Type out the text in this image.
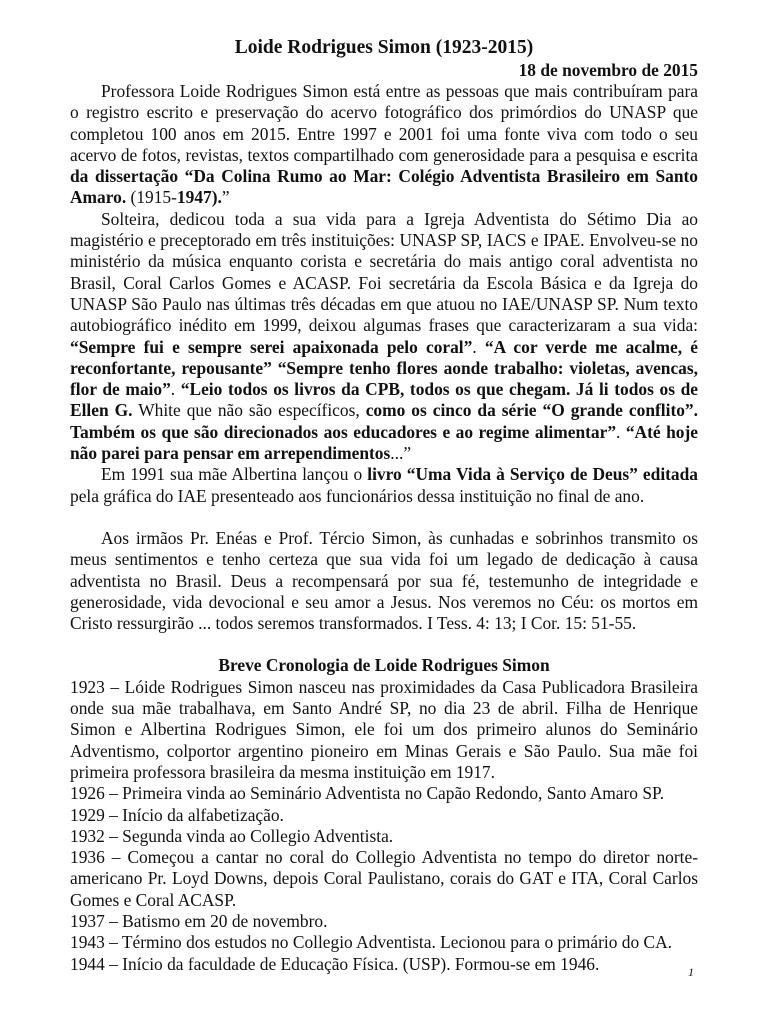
Loide Rodrigues Simon (1923-2015)
18 de novembro de 2015

Professora Loide Rodrigues Simon está entre as pessoas que mais contribuíram para o registro escrito e preservação do acervo fotográfico dos primórdios do UNASP que completou 100 anos em 2015. Entre 1997 e 2001 foi uma fonte viva com todo o seu acervo de fotos, revistas, textos compartilhado com generosidade para a pesquisa e escrita da dissertação “Da Colina Rumo ao Mar: Colégio Adventista Brasileiro em Santo Amaro. (1915-1947).”

Solteira, dedicou toda a sua vida para a Igreja Adventista do Sétimo Dia ao magistério e preceptorado em três instituições: UNASP SP, IACS e IPAE. Envolveu-se no ministério da música enquanto corista e secretária do mais antigo coral adventista no Brasil, Coral Carlos Gomes e ACASP. Foi secretária da Escola Básica e da Igreja do UNASP São Paulo nas últimas três décadas em que atuou no IAE/UNASP SP. Num texto autobiográfico inédito em 1999, deixou algumas frases que caracterizaram a sua vida: “Sempre fui e sempre serei apaixonada pelo coral”. “A cor verde me acalme, é reconfortante, repousante” “Sempre tenho flores aonde trabalho: violetas, avencas, flor de maio”. “Leio todos os livros da CPB, todos os que chegam. Já li todos os de Ellen G. White que não são específicos, como os cinco da série “O grande conflito”. Também os que são direcionados aos educadores e ao regime alimentar”. “Até hoje não parei para pensar em arrependimentos...”

Em 1991 sua mãe Albertina lançou o livro “Uma Vida à Serviço de Deus” editada pela gráfica do IAE presenteado aos funcionários dessa instituição no final de ano.

Aos irmãos Pr. Enéas e Prof. Tércio Simon, às cunhadas e sobrinhos transmito os meus sentimentos e tenho certeza que sua vida foi um legado de dedicação à causa adventista no Brasil. Deus a recompensará por sua fé, testemunho de integridade e generosidade, vida devocional e seu amor a Jesus. Nos veremos no Céu: os mortos em Cristo ressurgirão ... todos seremos transformados. I Tess. 4: 13; I Cor. 15: 51-55.

Breve Cronologia de Loide Rodrigues Simon

1923 – Lóide Rodrigues Simon nasceu nas proximidades da Casa Publicadora Brasileira onde sua mãe trabalhava, em Santo André SP, no dia 23 de abril. Filha de Henrique Simon e Albertina Rodrigues Simon, ele foi um dos primeiro alunos do Seminário Adventismo, colportor argentino pioneiro em Minas Gerais e São Paulo. Sua mãe foi primeira professora brasileira da mesma instituição em 1917.

1926 – Primeira vinda ao Seminário Adventista no Capão Redondo, Santo Amaro SP.

1929 – Início da alfabetização.

1932 – Segunda vinda ao Collegio Adventista.

1936 – Começou a cantar no coral do Collegio Adventista no tempo do diretor norte-americano Pr. Loyd Downs, depois Coral Paulistano, corais do GAT e ITA, Coral Carlos Gomes e Coral ACASP.

1937 – Batismo em 20 de novembro.

1943 – Término dos estudos no Collegio Adventista. Lecionou para o primário do CA.

1944 – Início da faculdade de Educação Física. (USP). Formou-se em 1946.	1
